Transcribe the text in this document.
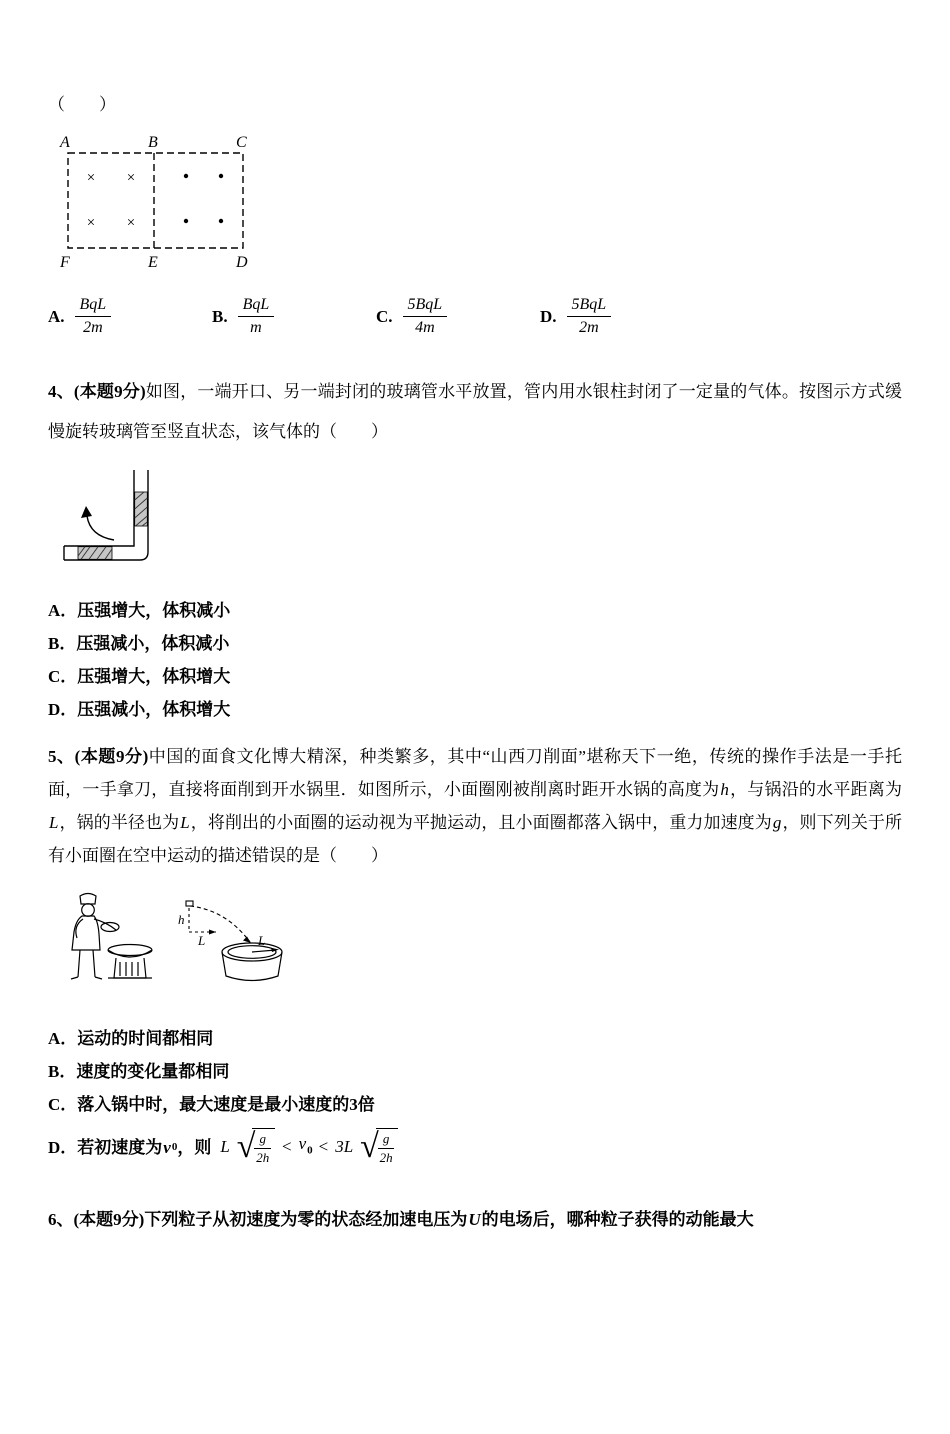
（　　）
A	B	C
F	E	D
× ×
× ×
A. $\frac{\text{BqL}}{2m}$	B. $\frac{\text{BqL}}{m}$	C. $\frac{\text{5BqL}}{4m}$	D. $\frac{\text{5BqL}}{2m}$
4、(本题9分)如图，一端开口、另一端封闭的玻璃管水平放置，管内用水银柱封闭了一定量的气体。按图示方式缓慢旋转玻璃管至竖直状态，该气体的（　　）
A． 压强增大，体积减小
B． 压强减小，体积减小
C． 压强增大，体积增大
D． 压强减小，体积增大
5、(本题9分)中国的面食文化博大精深，种类繁多，其中“山西刀削面”堪称天下一绝，传统的操作手法是一手托面，一手拿刀，直接将面削到开水锅里．如图所示，小面圈刚被削离时距开水锅的高度为h，与锅沿的水平距离为L，锅的半径也为L，将削出的小面圈的运动视为平抛运动，且小面圈都落入锅中，重力加速度为g，则下列关于所有小面圈在空中运动的描述错误的是（　　）
h
L	L
A． 运动的时间都相同
B． 速度的变化量都相同
C． 落入锅中时，最大速度是最小速度的3倍
D． 若初速度为 v 0 ，则 L √ $\frac{g}{2h} < v_0 < 3L$ √ $\frac{g}{2h}$
6、(本题9分)下列粒子从初速度为零的状态经加速电压为U的电场后，哪种粒子获得的动能最大
